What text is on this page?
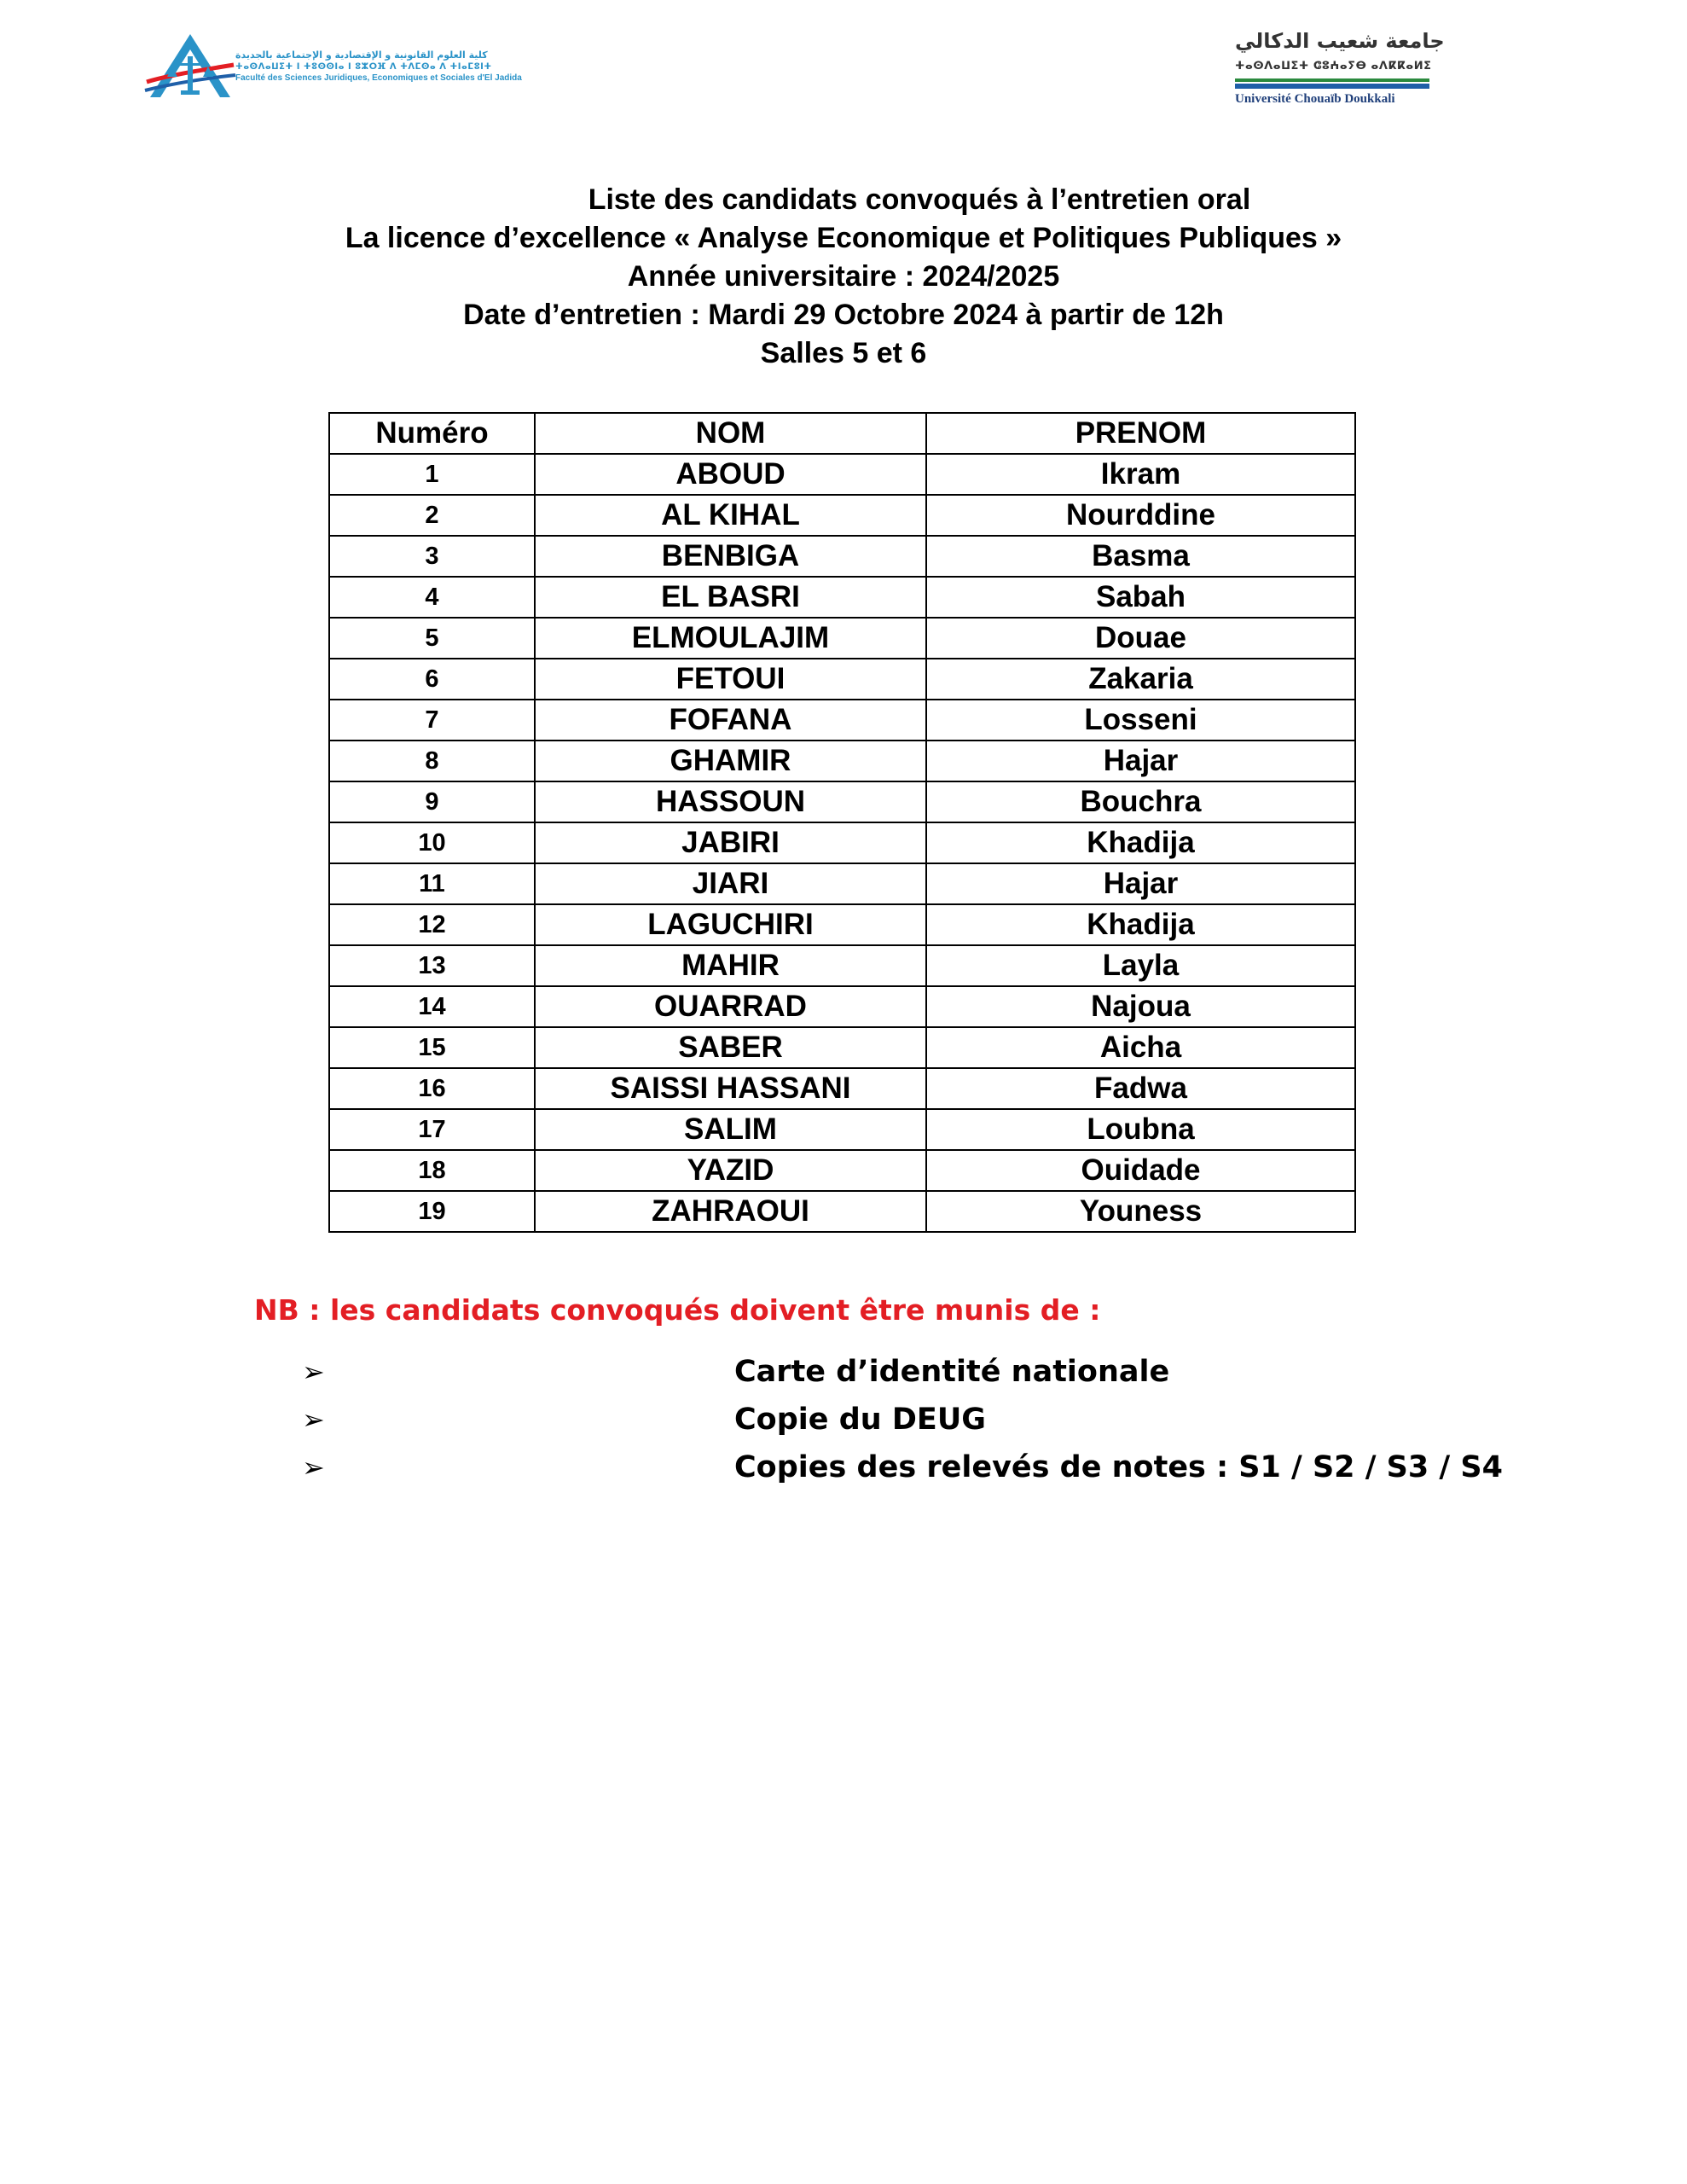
كلية العلوم القانونية و الإقتصادية و الإجتماعية بالجديدة
ⵜⴰⵙⴷⴰⵡⵉⵜ ⵏ ⵜⵓⵙⵙⵏⴰ ⵏ ⵓⵣⵔⴼ ⴷ ⵜⴷⵎⵙⴰ ⴷ ⵜⵏⴰⵎⵓⵏⵜ
Faculté des Sciences Juridiques, Economiques et Sociales d'El Jadida
جامعة شعيب الدكالي
ⵜⴰⵙⴷⴰⵡⵉⵜ ⵛⵓⵄⴰⵢⴱ ⴰⴷⴽⴽⴰⵍⵉ
Université Chouaïb Doukkali
Liste des candidats convoqués à l’entretien oral
La licence d’excellence « Analyse Economique et Politiques Publiques »
Année universitaire : 2024/2025
Date d’entretien : Mardi 29 Octobre 2024 à partir de 12h
Salles 5 et 6
Numéro	NOM	PRENOM
1	ABOUD	Ikram
2	AL KIHAL	Nourddine
3	BENBIGA	Basma
4	EL BASRI	Sabah
5	ELMOULAJIM	Douae
6	FETOUI	Zakaria
7	FOFANA	Losseni
8	GHAMIR	Hajar
9	HASSOUN	Bouchra
10	JABIRI	Khadija
11	JIARI	Hajar
12	LAGUCHIRI	Khadija
13	MAHIR	Layla
14	OUARRAD	Najoua
15	SABER	Aicha
16	SAISSI HASSANI	Fadwa
17	SALIM	Loubna
18	YAZID	Ouidade
19	ZAHRAOUI	Youness
NB : les candidats convoqués doivent être munis de :
➢	Carte d’identité nationale
➢	Copie du DEUG
➢	Copies des relevés de notes : S1 / S2 / S3 / S4
